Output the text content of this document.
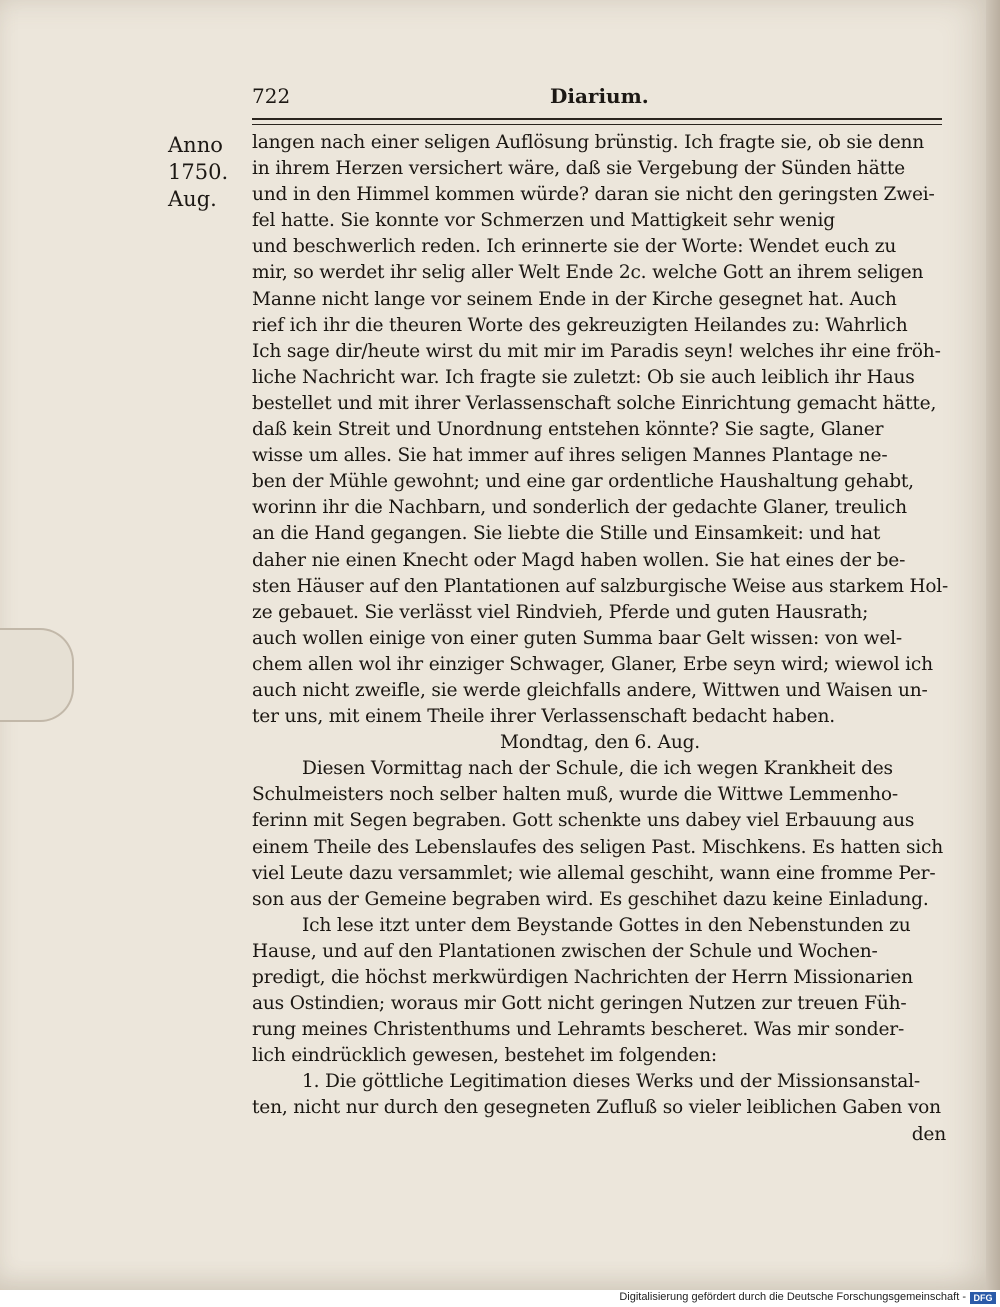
722	Diarium.
Anno
1750.
Aug.
langen nach einer seligen Auflösung brünstig. Ich fragte sie, ob sie denn
in ihrem Herzen versichert wäre, daß sie Vergebung der Sünden hätte
und in den Himmel kommen würde? daran sie nicht den geringsten Zwei-
fel hatte. Sie konnte vor Schmerzen und Mattigkeit sehr wenig
und beschwerlich reden. Ich erinnerte sie der Worte: Wendet euch zu
mir, so werdet ihr selig aller Welt Ende 2c. welche Gott an ihrem seligen
Manne nicht lange vor seinem Ende in der Kirche gesegnet hat. Auch
rief ich ihr die theuren Worte des gekreuzigten Heilandes zu: Wahrlich
Ich sage dir/heute wirst du mit mir im Paradis seyn! welches ihr eine fröh-
liche Nachricht war. Ich fragte sie zuletzt: Ob sie auch leiblich ihr Haus
bestellet und mit ihrer Verlassenschaft solche Einrichtung gemacht hätte,
daß kein Streit und Unordnung entstehen könnte? Sie sagte, Glaner
wisse um alles. Sie hat immer auf ihres seligen Mannes Plantage ne-
ben der Mühle gewohnt; und eine gar ordentliche Haushaltung gehabt,
worinn ihr die Nachbarn, und sonderlich der gedachte Glaner, treulich
an die Hand gegangen. Sie liebte die Stille und Einsamkeit: und hat
daher nie einen Knecht oder Magd haben wollen. Sie hat eines der be-
sten Häuser auf den Plantationen auf salzburgische Weise aus starkem Hol-
ze gebauet. Sie verlässt viel Rindvieh, Pferde und guten Hausrath;
auch wollen einige von einer guten Summa baar Gelt wissen: von wel-
chem allen wol ihr einziger Schwager, Glaner, Erbe seyn wird; wiewol ich
auch nicht zweifle, sie werde gleichfalls andere, Wittwen und Waisen un-
ter uns, mit einem Theile ihrer Verlassenschaft bedacht haben.
Mondtag, den 6. Aug.
Diesen Vormittag nach der Schule, die ich wegen Krankheit des
Schulmeisters noch selber halten muß, wurde die Wittwe Lemmenho-
ferinn mit Segen begraben. Gott schenkte uns dabey viel Erbauung aus
einem Theile des Lebenslaufes des seligen Past. Mischkens. Es hatten sich
viel Leute dazu versammlet; wie allemal geschiht, wann eine fromme Per-
son aus der Gemeine begraben wird. Es geschihet dazu keine Einladung.
Ich lese itzt unter dem Beystande Gottes in den Nebenstunden zu
Hause, und auf den Plantationen zwischen der Schule und Wochen-
predigt, die höchst merkwürdigen Nachrichten der Herrn Missionarien
aus Ostindien; woraus mir Gott nicht geringen Nutzen zur treuen Füh-
rung meines Christenthums und Lehramts bescheret. Was mir sonder-
lich eindrücklich gewesen, bestehet im folgenden:
1. Die göttliche Legitimation dieses Werks und der Missionsanstal-
ten, nicht nur durch den gesegneten Zufluß so vieler leiblichen Gaben von
den
Digitalisierung gefördert durch die Deutsche Forschungsgemeinschaft - DFG
